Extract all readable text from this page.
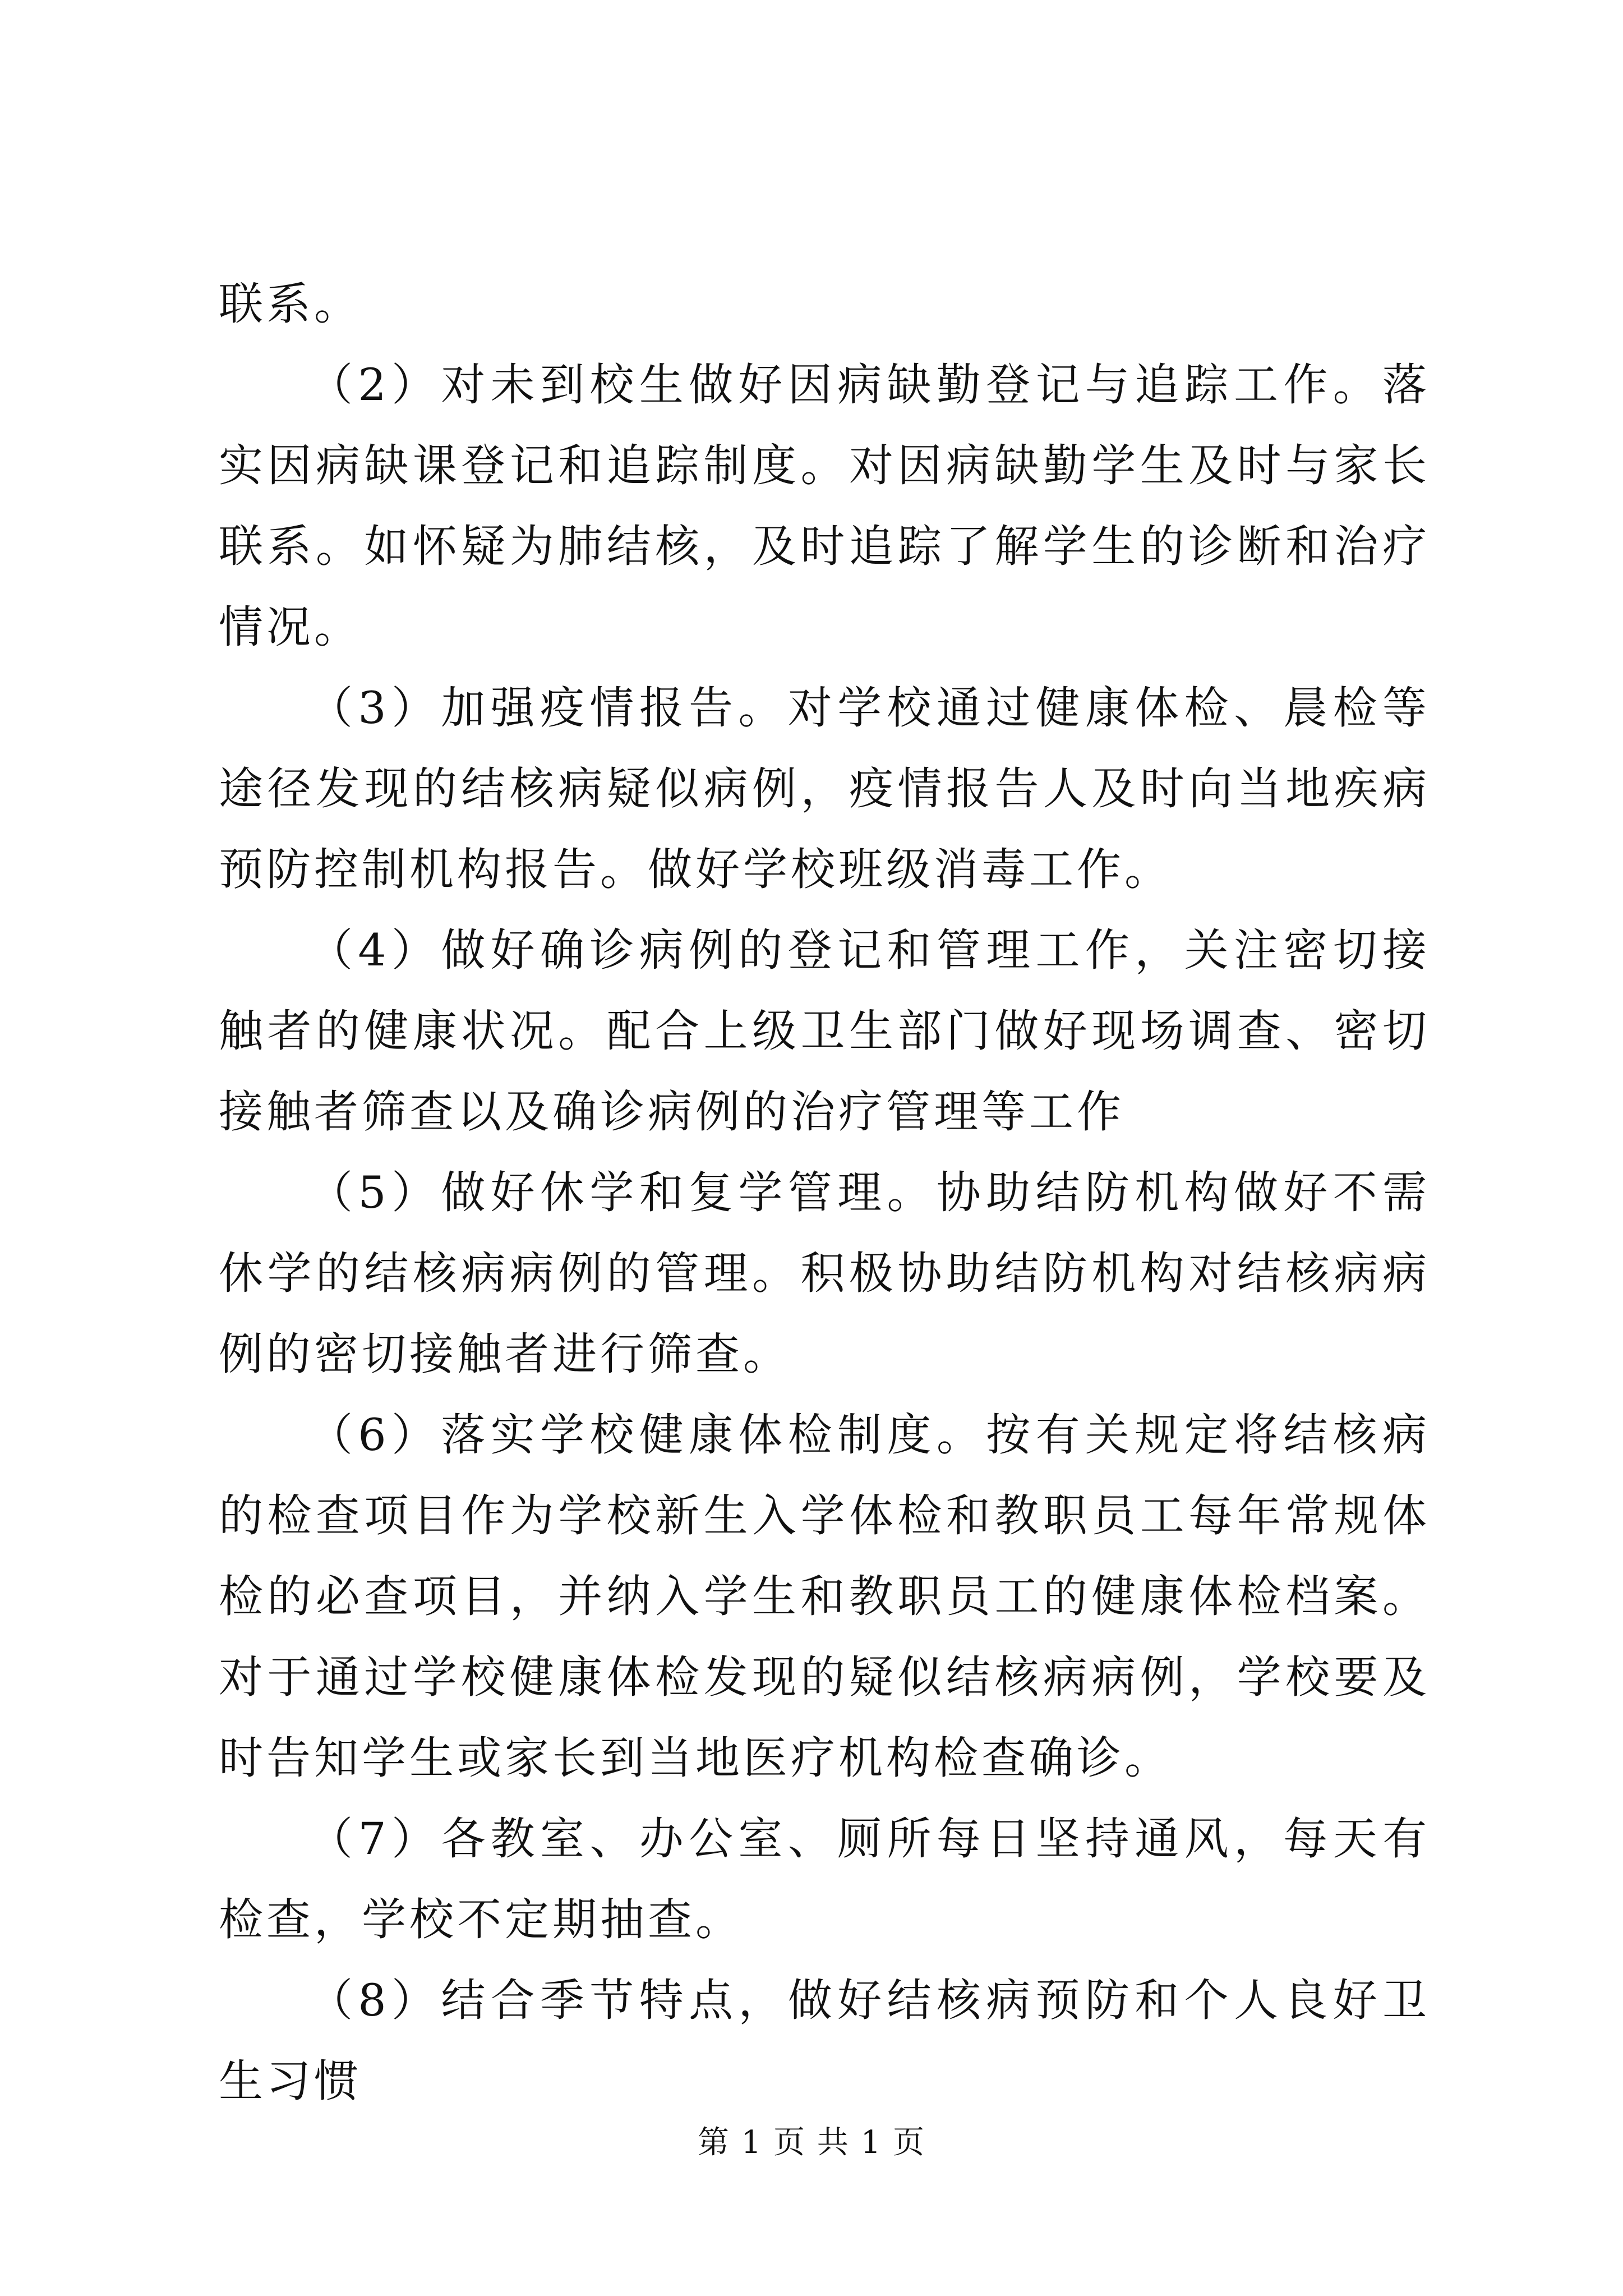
联系。

（2）对未到校生做好因病缺勤登记与追踪工作。落实因病缺课登记和追踪制度。对因病缺勤学生及时与家长联系。如怀疑为肺结核，及时追踪了解学生的诊断和治疗情况。

（3）加强疫情报告。对学校通过健康体检、晨检等途径发现的结核病疑似病例，疫情报告人及时向当地疾病预防控制机构报告。做好学校班级消毒工作。

（4）做好确诊病例的登记和管理工作，关注密切接触者的健康状况。配合上级卫生部门做好现场调查、密切接触者筛查以及确诊病例的治疗管理等工作

（5）做好休学和复学管理。协助结防机构做好不需休学的结核病病例的管理。积极协助结防机构对结核病病例的密切接触者进行筛查。

（6）落实学校健康体检制度。按有关规定将结核病的检查项目作为学校新生入学体检和教职员工每年常规体检的必查项目，并纳入学生和教职员工的健康体检档案。对于通过学校健康体检发现的疑似结核病病例，学校要及时告知学生或家长到当地医疗机构检查确诊。

（7）各教室、办公室、厕所每日坚持通风，每天有检查，学校不定期抽查。

（8）结合季节特点，做好结核病预防和个人良好卫生习惯

第 1 页 共 1 页
